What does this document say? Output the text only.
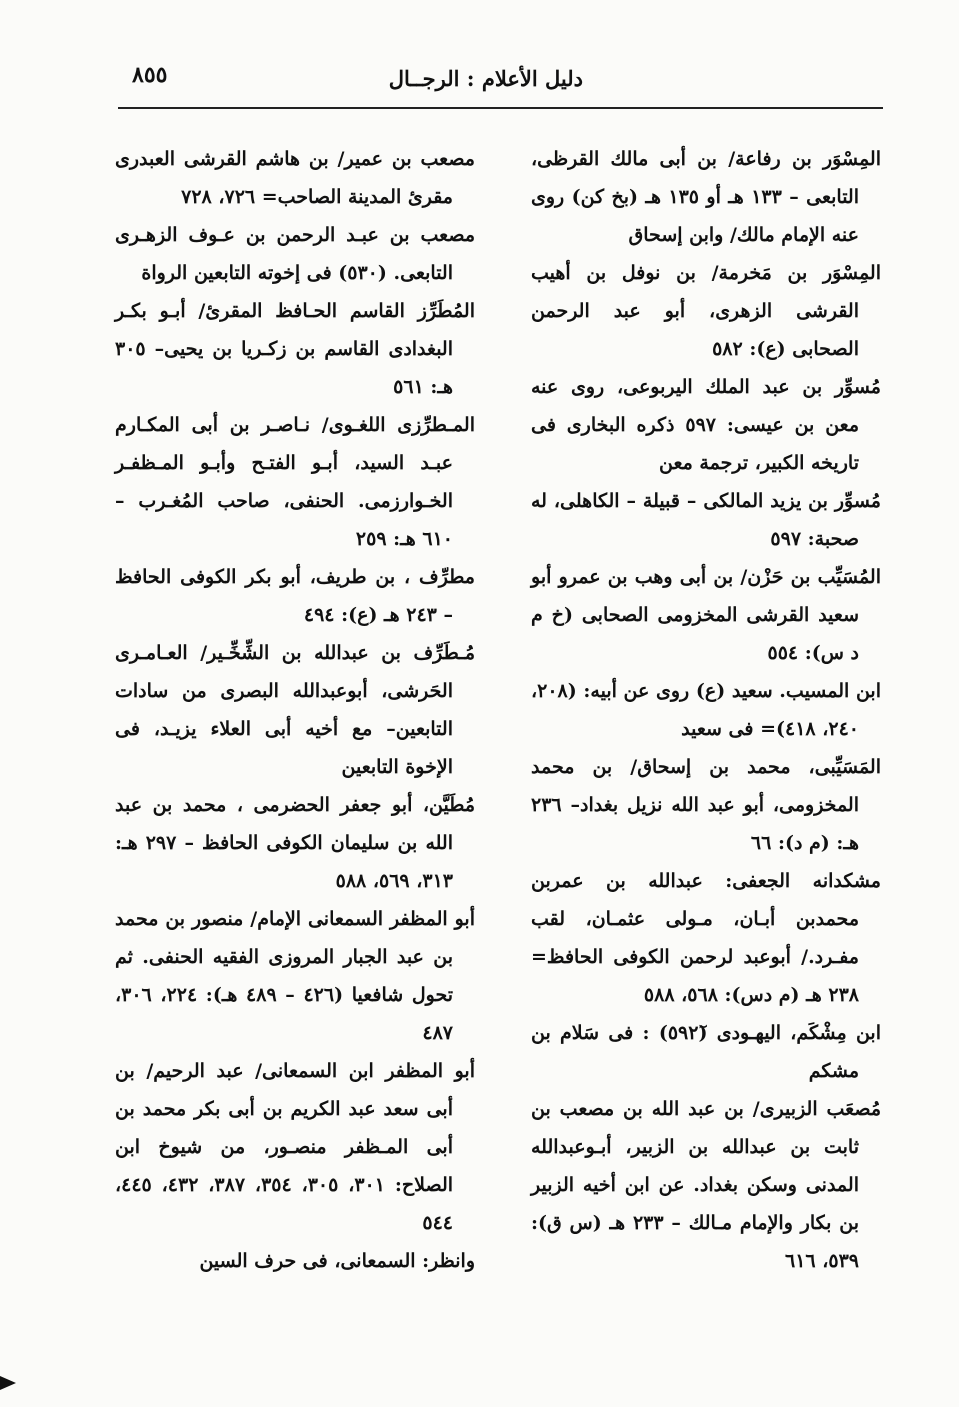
٨٥٥	دليل الأعلام : الرجــال

المِسْوَر بن رفاعة/ بن أبى مالك القرظى، التابعى – ١٣٣ هـ أو ١٣٥ هـ (بخ كن) روى عنه الإمام مالك/ وابن إسحاق

المِسْوَر بن مَخرمة/ بن نوفل بن أهيب القرشى الزهرى، أبو عبد الرحمن الصحابى (ع): ٥٨٢

مُسوِّر بن عبد الملك اليربوعى، روى عنه معن بن عيسى: ٥٩٧ ذكره البخارى فى تاريخه الكبير، ترجمة معن

مُسوِّر بن يزيد المالكى – قبيلة – الكاهلى، له صحبة: ٥٩٧

المُسَيِّب بن حَزْن/ بن أبى وهب بن عمرو أبو سعيد القرشى المخزومى الصحابى (خ م د س): ٥٥٤

ابن المسيب. سعيد (ع) روى عن أبيه: (٢٠٨، ٢٤٠، ٤١٨)= فى سعيد

المَسَيِّبى، محمد بن إسحاق/ بن محمد المخزومى، أبو عبد الله نزيل بغداد– ٢٣٦ هـ: (م د): ٦٦

مشكدانه الجعفى: عبدالله بن عمربن محمدبن أبـان، مـولى عثمـان، لقب مفـرد./ أبوعبد لرحمن الكوفى الحافظ= ٢٣٨ هـ (م دس): ٥٦٨، ٥٨٨

ابن مِشْكَم، اليهـودى (٥٩٢ٓ) : فى سَلام بن مشكم

مُصعَب الزبيرى/ بن عبد الله بن مصعب بن ثابت بن عبدالله بن الزبير، أبـوعبدالله المدنى وسكن بغداد. عن ابن أخيه الزبير بن بكار والإمام مـالك – ٢٣٣ هـ (س ق): ٥٣٩، ٦١٦

مصعب بن عمير/ بن هاشم القرشى العبدرى مقرئ المدينة الصاحب= ٧٢٦، ٧٢٨

مصعب بن عبـد الرحمن بن عـوف الزهـرى التابعى. (٥٣٠) فى إخوته التابعين الرواة

المُطَرِّز القاسم الحـافظ المقرئ/ أبـو بكـر البغدادى القاسم بن زكـريا بن يحيى– ٣٠٥ هـ: ٥٦١

المـطرِّزى اللغـوى/ نـاصـر بن أبى المكـارم عبـد السيد، أبـو الفتـح وأبـو المـظفـر الخـوارزمى. الحنفى، صاحب المُغـرب – ٦١٠ هـ: ٢٥٩

مطرِّف ، بن طريف، أبو بكر الكوفى الحافظ – ٢٤٣ هـ (ع): ٤٩٤

مُـطَرِّف بن عبدالله بن الشِّخِّـير/ العـامـرى الحَرشى، أبوعبدالله البصرى من سادات التابعين– مع أخيه أبى العلاء يزيـد، فى الإخوة التابعين

مُطَيَّن، أبو جعفر الحضرمى ، محمد بن عبد الله بن سليمان الكوفى الحافظ – ٢٩٧ هـ: ٣١٣، ٥٦٩، ٥٨٨

أبو المظفر السمعانى الإمام/ منصور بن محمد بن عبد الجبار المروزى الفقيه الحنفى. ثم تحول شافعيا (٤٢٦ – ٤٨٩ هـ): ٢٢٤، ٣٠٦، ٤٨٧

أبو المظفر ابن السمعانى/ عبد الرحيم/ بن أبى سعد عبد الكريم بن أبى بكر محمد بن أبى المـظفر منصـور، من شيوخ ابن الصلاح: ٣٠١، ٣٠٥، ٣٥٤، ٣٨٧، ٤٣٢، ٤٤٥، ٥٤٤

وانظر: السمعانى، فى حرف السين
